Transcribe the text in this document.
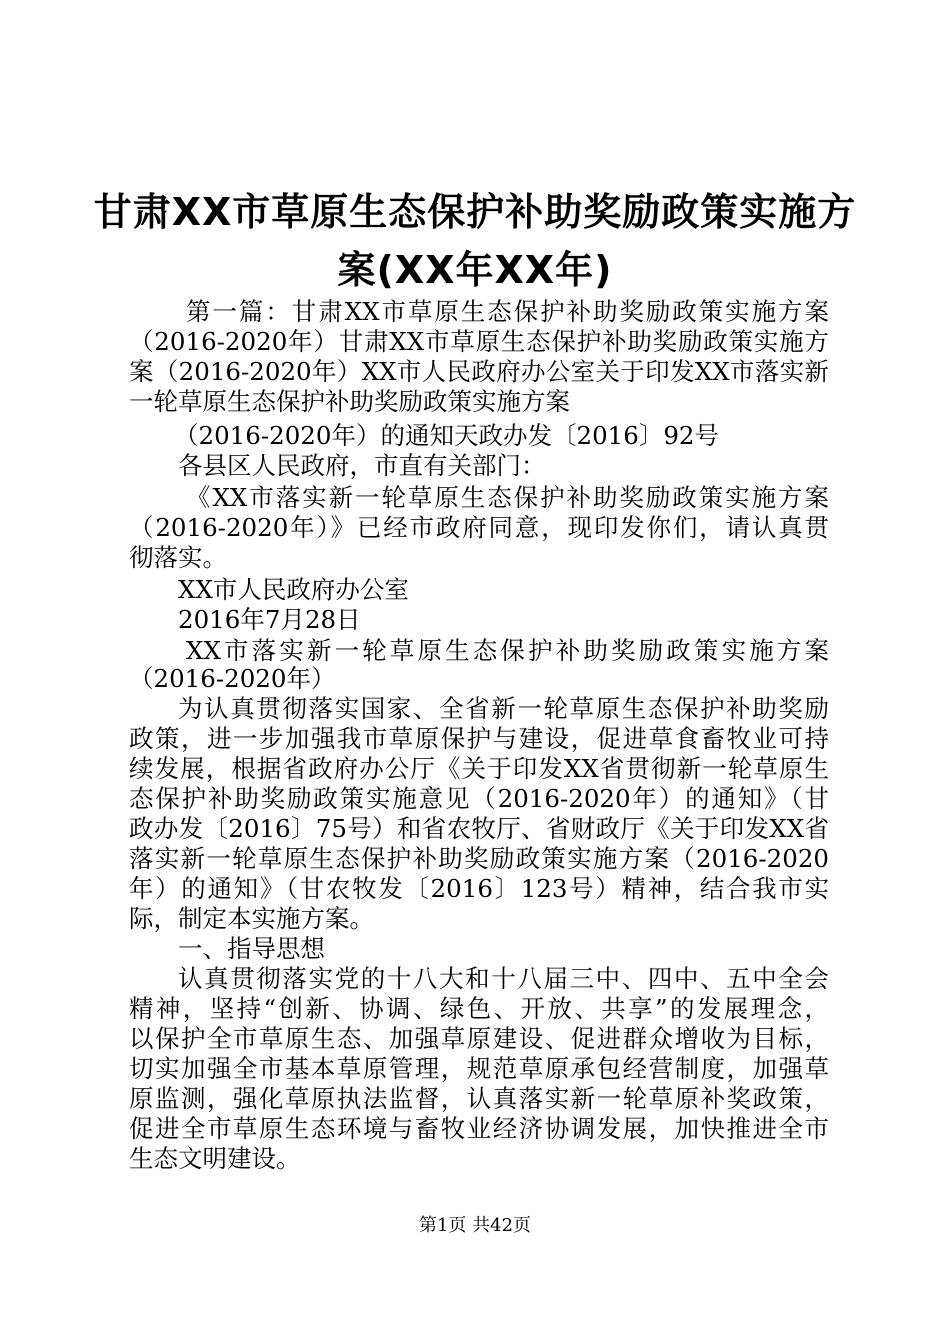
甘肃XX市草原生态保护补助奖励政策实施方
案(XX年XX年)
第一篇：甘肃XX市草原生态保护补助奖励政策实施方案
（2016-2020年）甘肃XX市草原生态保护补助奖励政策实施方
案（2016-2020年）XX市人民政府办公室关于印发XX市落实新
一轮草原生态保护补助奖励政策实施方案
（2016-2020年）的通知天政办发〔2016〕92号
各县区人民政府，市直有关部门：
《XX市落实新一轮草原生态保护补助奖励政策实施方案
（2016-2020年）》已经市政府同意，现印发你们，请认真贯
彻落实。
XX市人民政府办公室
2016年7月28日
XX市落实新一轮草原生态保护补助奖励政策实施方案
（2016-2020年）
为认真贯彻落实国家、全省新一轮草原生态保护补助奖励
政策，进一步加强我市草原保护与建设，促进草食畜牧业可持
续发展，根据省政府办公厅《关于印发XX省贯彻新一轮草原生
态保护补助奖励政策实施意见（2016-2020年）的通知》（甘
政办发〔2016〕75号）和省农牧厅、省财政厅《关于印发XX省
落实新一轮草原生态保护补助奖励政策实施方案（2016-2020
年）的通知》（甘农牧发〔2016〕123号）精神，结合我市实
际，制定本实施方案。
一、指导思想
认真贯彻落实党的十八大和十八届三中、四中、五中全会
精神，坚持“创新、协调、绿色、开放、共享”的发展理念，
以保护全市草原生态、加强草原建设、促进群众增收为目标，
切实加强全市基本草原管理，规范草原承包经营制度，加强草
原监测，强化草原执法监督，认真落实新一轮草原补奖政策，
促进全市草原生态环境与畜牧业经济协调发展，加快推进全市
生态文明建设。
第1页 共42页
